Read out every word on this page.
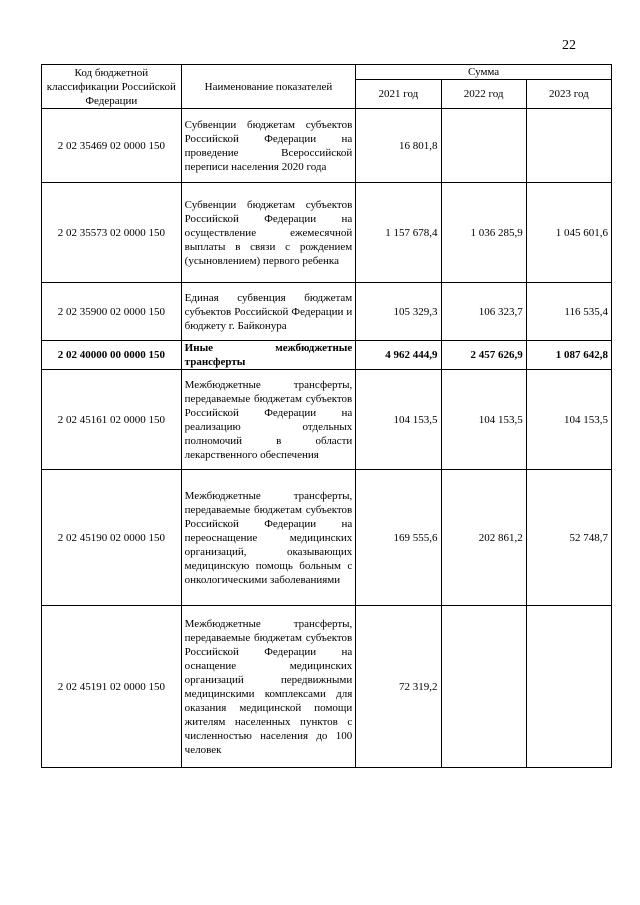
22
Код бюджетной классификации Российской Федерации	Наименование показателей	Сумма		
		2021 год	2022 год	2023 год
2 02 35469 02 0000 150	Субвенции бюджетам субъектов Российской Федерации на проведение Всероссийской переписи населения 2020 года	16 801,8		
2 02 35573 02 0000 150	Субвенции бюджетам субъектов Российской Федерации на осуществление ежемесячной выплаты в связи с рождением (усыновлением) первого ребенка	1 157 678,4	1 036 285,9	1 045 601,6
2 02 35900 02 0000 150	Единая субвенция бюджетам субъектов Российской Федерации и бюджету г. Байконура	105 329,3	106 323,7	116 535,4
2 02 40000 00 0000 150	Иные межбюджетные трансферты	4 962 444,9	2 457 626,9	1 087 642,8
2 02 45161 02 0000 150	Межбюджетные трансферты, передаваемые бюджетам субъектов Российской Федерации на реализацию отдельных полномочий в области лекарственного обеспечения	104 153,5	104 153,5	104 153,5
2 02 45190 02 0000 150	Межбюджетные трансферты, передаваемые бюджетам субъектов Российской Федерации на переоснащение медицинских организаций, оказывающих медицинскую помощь больным с онкологическими заболеваниями	169 555,6	202 861,2	52 748,7
2 02 45191 02 0000 150	Межбюджетные трансферты, передаваемые бюджетам субъектов Российской Федерации на оснащение медицинских организаций передвижными медицинскими комплексами для оказания медицинской помощи жителям населенных пунктов с численностью населения до 100 человек	72 319,2		
